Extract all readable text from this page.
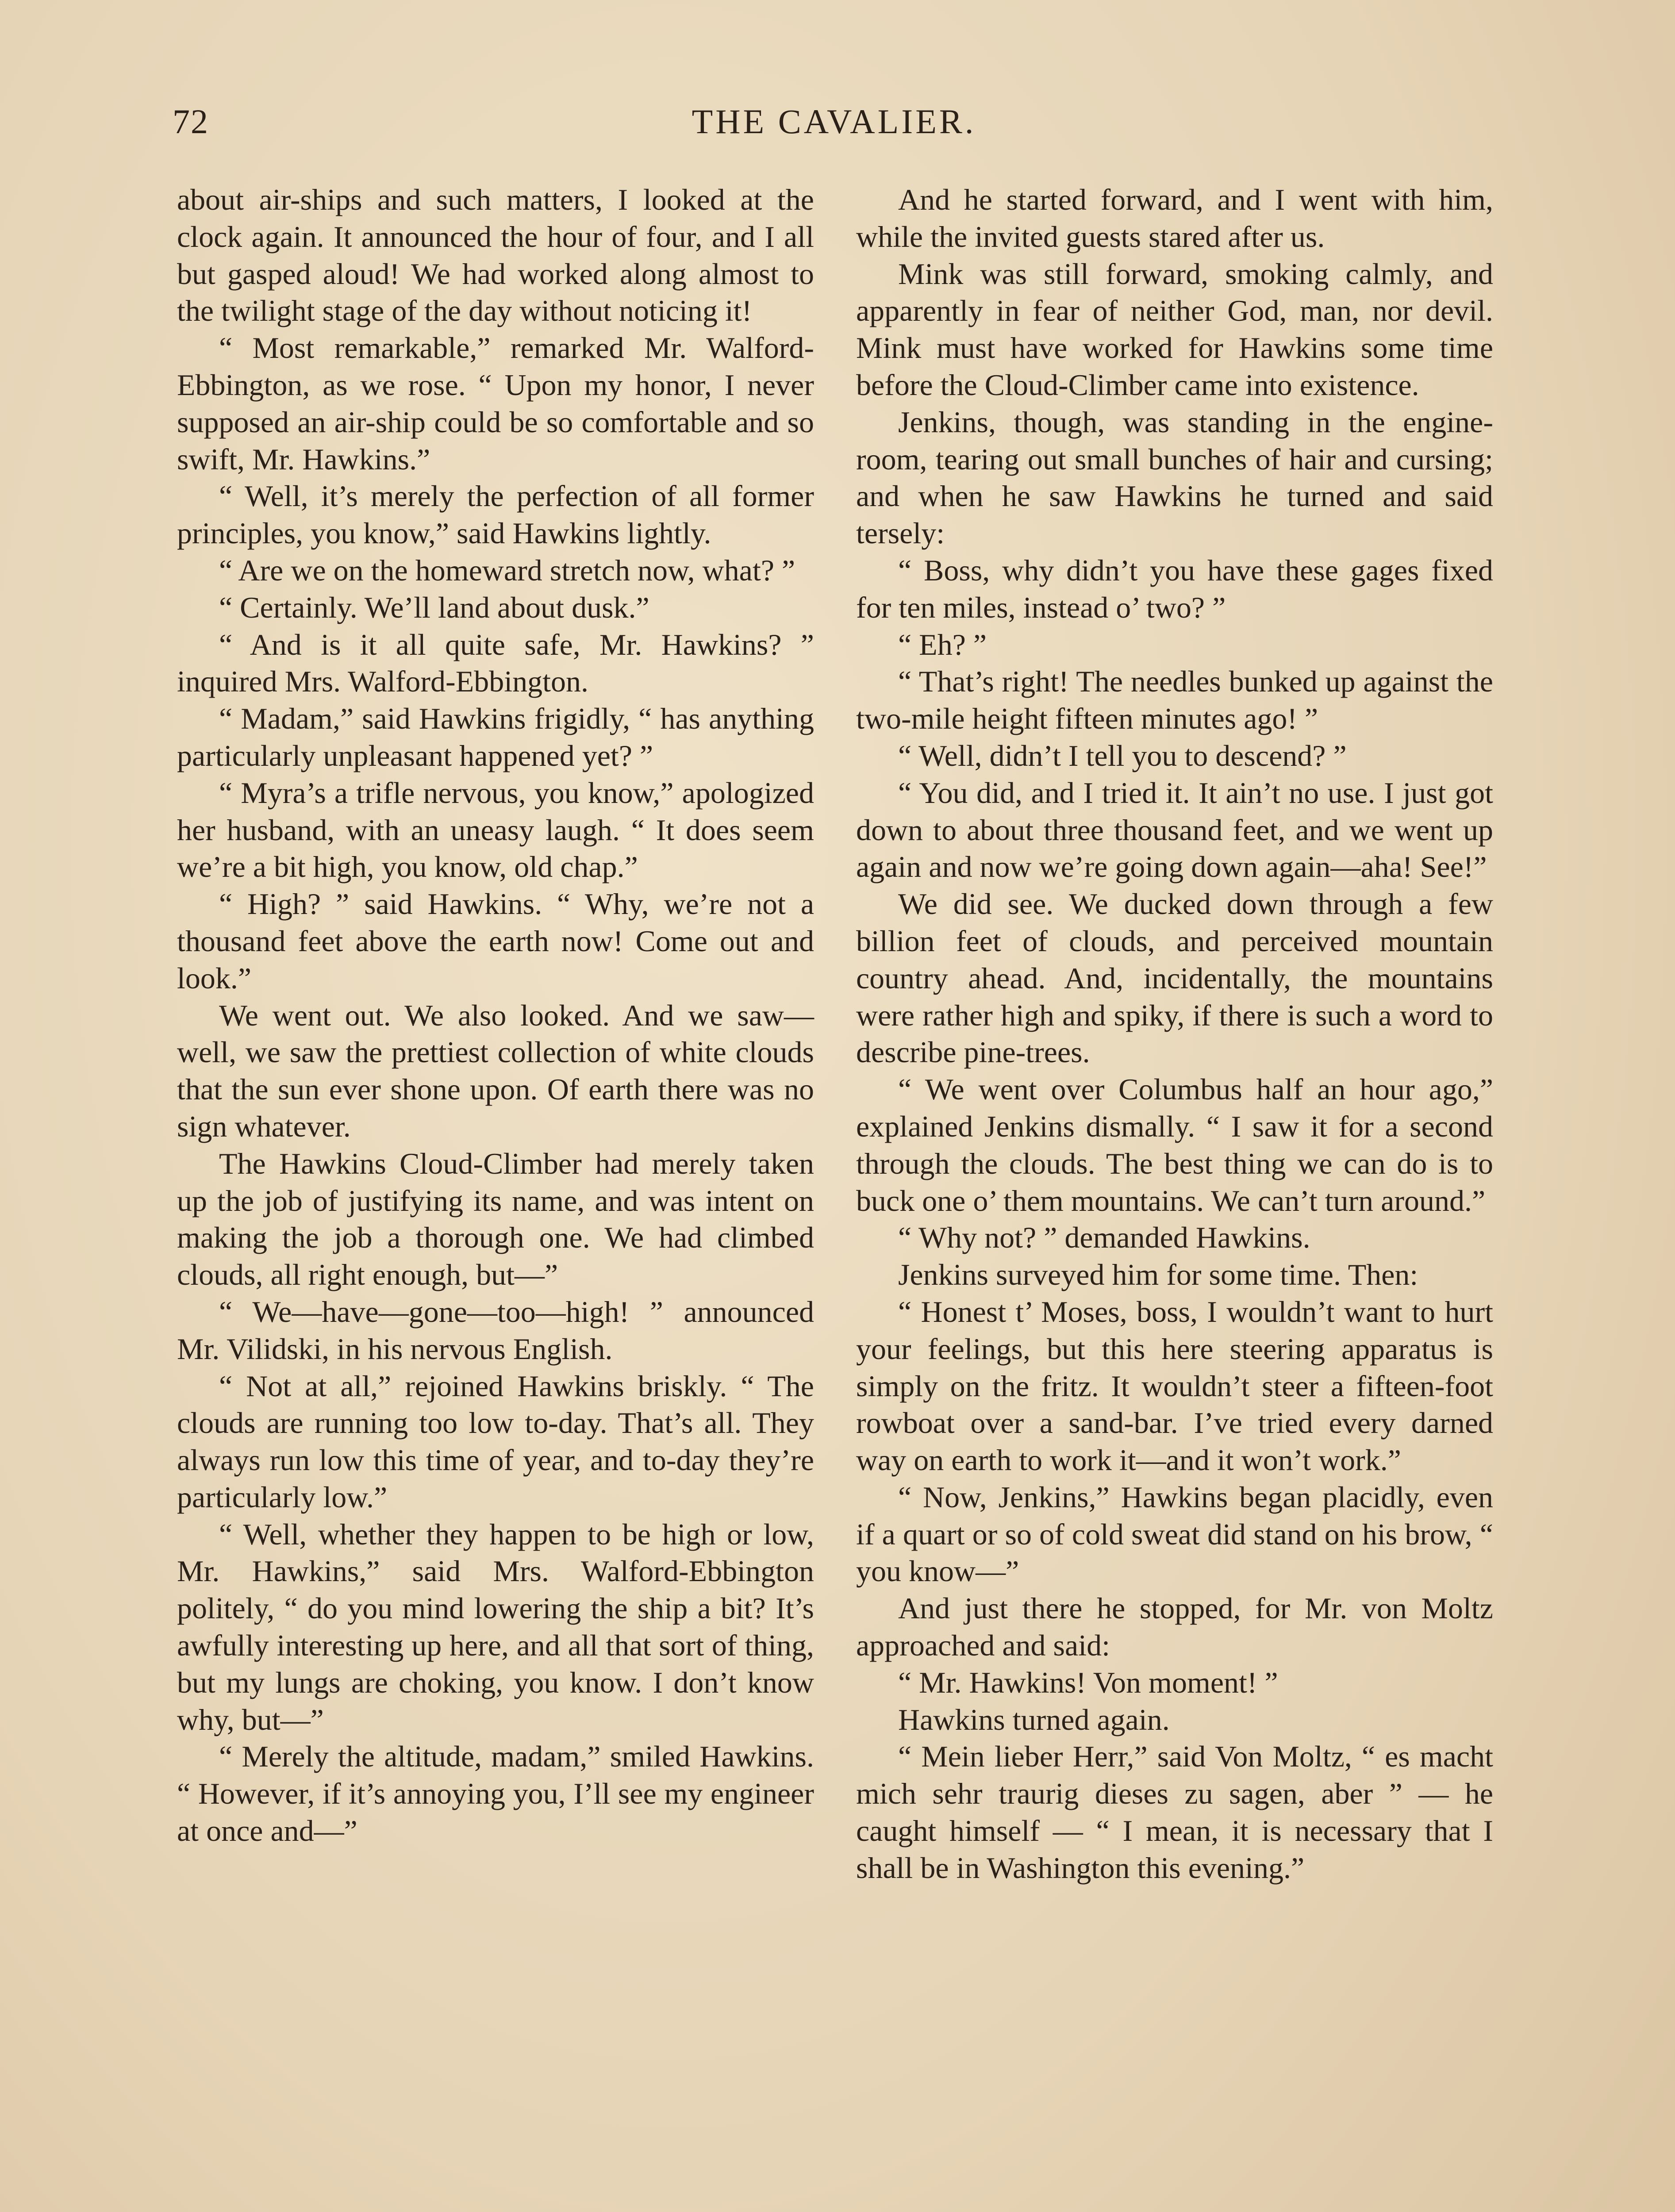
72	THE CAVALIER.

about air-ships and such matters, I looked at the clock again. It announced the hour of four, and I all but gasped aloud! We had worked along almost to the twilight stage of the day without noticing it!

“ Most remarkable,” remarked Mr. Walford-Ebbington, as we rose. “ Upon my honor, I never supposed an air-ship could be so comfortable and so swift, Mr. Hawkins.”

“ Well, it’s merely the perfection of all former principles, you know,” said Hawkins lightly.

“ Are we on the homeward stretch now, what? ”

“ Certainly. We’ll land about dusk.”

“ And is it all quite safe, Mr. Hawkins? ” inquired Mrs. Walford-Ebbington.

“ Madam,” said Hawkins frigidly, “ has anything particularly unpleasant happened yet? ”

“ Myra’s a trifle nervous, you know,” apologized her husband, with an uneasy laugh. “ It does seem we’re a bit high, you know, old chap.”

“ High? ” said Hawkins. “ Why, we’re not a thousand feet above the earth now! Come out and look.”

We went out. We also looked. And we saw—well, we saw the prettiest collection of white clouds that the sun ever shone upon. Of earth there was no sign whatever.

The Hawkins Cloud-Climber had merely taken up the job of justifying its name, and was intent on making the job a thorough one. We had climbed clouds, all right enough, but—”

“ We—have—gone—too—high! ” announced Mr. Vilidski, in his nervous English.

“ Not at all,” rejoined Hawkins briskly. “ The clouds are running too low to-day. That’s all. They always run low this time of year, and to-day they’re particularly low.”

“ Well, whether they happen to be high or low, Mr. Hawkins,” said Mrs. Walford-Ebbington politely, “ do you mind lowering the ship a bit? It’s awfully interesting up here, and all that sort of thing, but my lungs are choking, you know. I don’t know why, but—”

“ Merely the altitude, madam,” smiled Hawkins. “ However, if it’s annoying you, I’ll see my engineer at once and—”

And he started forward, and I went with him, while the invited guests stared after us.

Mink was still forward, smoking calmly, and apparently in fear of neither God, man, nor devil. Mink must have worked for Hawkins some time before the Cloud-Climber came into existence.

Jenkins, though, was standing in the engine-room, tearing out small bunches of hair and cursing; and when he saw Hawkins he turned and said tersely:

“ Boss, why didn’t you have these gages fixed for ten miles, instead o’ two? ”

“ Eh? ”

“ That’s right! The needles bunked up against the two-mile height fifteen minutes ago! ”

“ Well, didn’t I tell you to descend? ”

“ You did, and I tried it. It ain’t no use. I just got down to about three thousand feet, and we went up again and now we’re going down again—aha! See!”

We did see. We ducked down through a few billion feet of clouds, and perceived mountain country ahead. And, incidentally, the mountains were rather high and spiky, if there is such a word to describe pine-trees.

“ We went over Columbus half an hour ago,” explained Jenkins dismally. “ I saw it for a second through the clouds. The best thing we can do is to buck one o’ them mountains. We can’t turn around.”

“ Why not? ” demanded Hawkins.

Jenkins surveyed him for some time. Then:

“ Honest t’ Moses, boss, I wouldn’t want to hurt your feelings, but this here steering apparatus is simply on the fritz. It wouldn’t steer a fifteen-foot rowboat over a sand-bar. I’ve tried every darned way on earth to work it—and it won’t work.”

“ Now, Jenkins,” Hawkins began placidly, even if a quart or so of cold sweat did stand on his brow, “ you know—”

And just there he stopped, for Mr. von Moltz approached and said:

“ Mr. Hawkins! Von moment! ”

Hawkins turned again.

“ Mein lieber Herr,” said Von Moltz, “ es macht mich sehr traurig dieses zu sagen, aber ” — he caught himself — “ I mean, it is necessary that I shall be in Washington this evening.”
